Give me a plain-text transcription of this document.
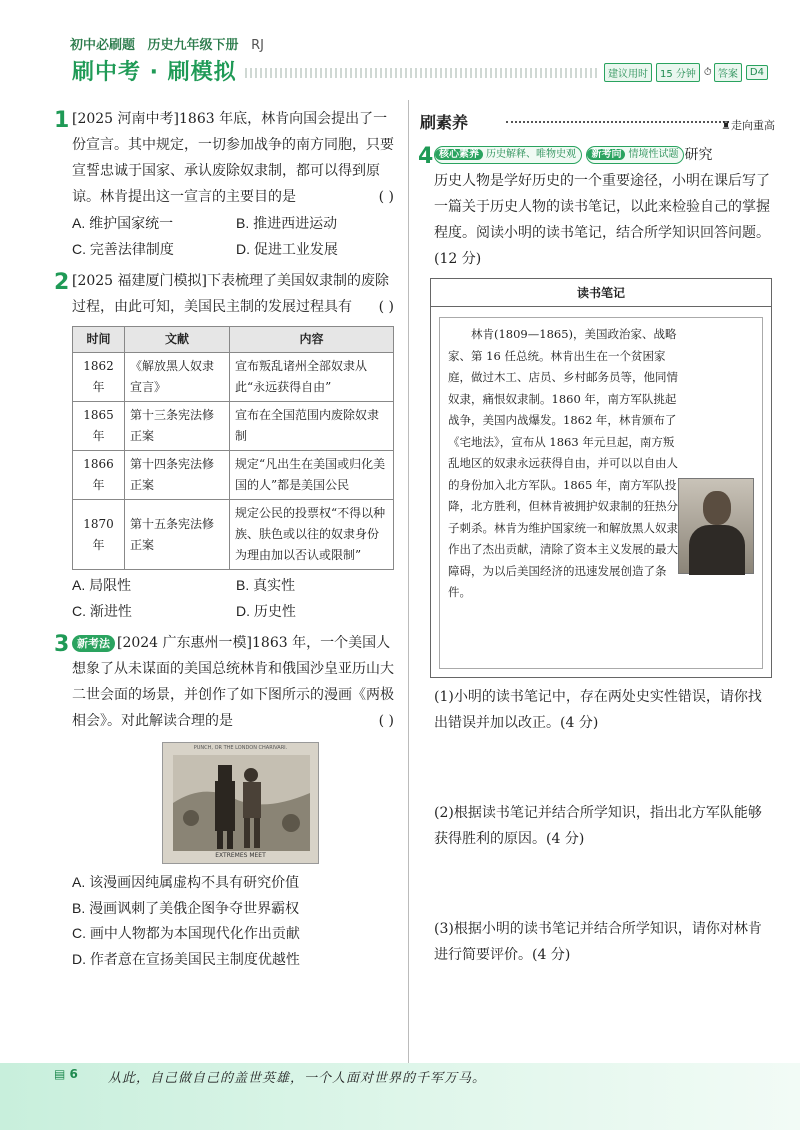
初中必刷题 历史九年级下册 RJ
刷中考 · 刷模拟	建议用时	15 分钟 ⏱ 答案	D4
1 [2025 河南中考]1863 年底，林肯向国会提出了一份宣言。其中规定，一切参加战争的南方同胞，只要宣誓忠诚于国家、承认废除奴隶制，都可以得到原谅。林肯提出这一宣言的主要目的是	( )

A. 维护国家统一	B. 推进西进运动
C. 完善法律制度	D. 促进工业发展
2 [2025 福建厦门模拟]下表梳理了美国奴隶制的废除过程，由此可知，美国民主制的发展过程具有 ( )

时间	文献	内容
1862 年	《解放黑人奴隶宣言》	宣布叛乱诸州全部奴隶从此“永远获得自由”
1865 年	第十三条宪法修正案	宣布在全国范围内废除奴隶制
1866 年	第十四条宪法修正案	规定“凡出生在美国或归化美国的人”都是美国公民
1870 年	第十五条宪法修正案	规定公民的投票权“不得以种族、肤色或以往的奴隶身份为理由加以否认或限制”
A. 局限性	B. 真实性
C. 渐进性	D. 历史性
3 新考法 [2024 广东惠州一模]1863 年，一个美国人想象了从未谋面的美国总统林肯和俄国沙皇亚历山大二世会面的场景，并创作了如下图所示的漫画《两极相会》。对此解读合理的是	( )

PUNCH, OR THE LONDON CHARIVARI.
EXTREMES MEET
A. 该漫画因纯属虚构不具有研究价值
B. 漫画讽刺了美俄企图争夺世界霸权
C. 画中人物都为本国现代化作出贡献
D. 作者意在宣扬美国民主制度优越性
刷素养	♜走向重高
4 核心素养 历史解释、唯物史观 新考向 情境性试题 研究

历史人物是学好历史的一个重要途径，小明在课后写了一篇关于历史人物的读书笔记，以此来检验自己的掌握程度。阅读小明的读书笔记，结合所学知识回答问题。(12 分)

读书笔记
林肯(1809—1865)，美国政治家、战略家、第 16 任总统。林肯出生在一个贫困家庭，做过木工、店员、乡村邮务员等，他同情奴隶，痛恨奴隶制。1860 年，南方军队挑起战争，美国内战爆发。1862 年，林肯颁布了《宅地法》，宣布从 1863 年元旦起，南方叛乱地区的奴隶永远获得自由，并可以以自由人的身份加入北方军队。1865 年，南方军队投降，北方胜利，但林肯被拥护奴隶制的狂热分子刺杀。林肯为维护国家统一和解放黑人奴隶作出了杰出贡献，清除了资本主义发展的最大障碍，为以后美国经济的迅速发展创造了条件。
(1)小明的读书笔记中，存在两处史实性错误，请你找出错误并加以改正。(4 分)
(2)根据读书笔记并结合所学知识，指出北方军队能够获得胜利的原因。(4 分)
(3)根据小明的读书笔记并结合所学知识，请你对林肯进行简要评价。(4 分)
▤ 6 从此，自己做自己的盖世英雄，一个人面对世界的千军万马。
